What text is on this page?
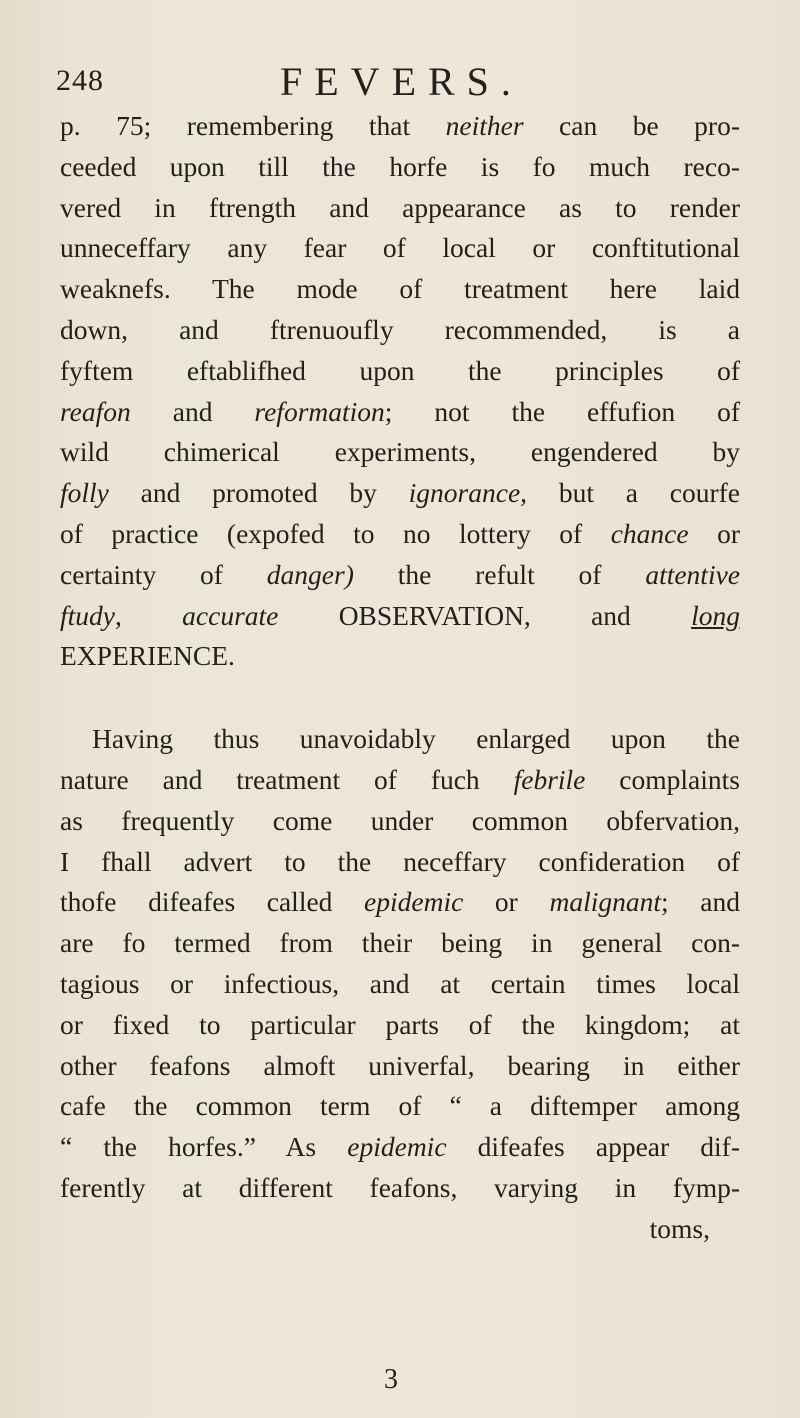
248	FEVERS.

p. 75; remembering that neither can be pro-
ceeded upon till the horfe is fo much reco-
vered in ftrength and appearance as to render
unneceffary any fear of local or conftitutional
weaknefs. The mode of treatment here laid
down, and ftrenuoufly recommended, is a
fyftem eftablifhed upon the principles of
reafon and reformation; not the effufion of
wild chimerical experiments, engendered by
folly and promoted by ignorance, but a courfe
of practice (expofed to no lottery of chance or
certainty of danger) the refult of attentive
ftudy, accurate OBSERVATION, and long
EXPERIENCE.

Having thus unavoidably enlarged upon the
nature and treatment of fuch febrile complaints
as frequently come under common obfervation,
I fhall advert to the neceffary confideration of
thofe difeafes called epidemic or malignant; and
are fo termed from their being in general con-
tagious or infectious, and at certain times local
or fixed to particular parts of the kingdom; at
other feafons almoft univerfal, bearing in either
cafe the common term of “ a diftemper among
“ the horfes.” As epidemic difeafes appear dif-
ferently at different feafons, varying in fymp-
toms,

3
